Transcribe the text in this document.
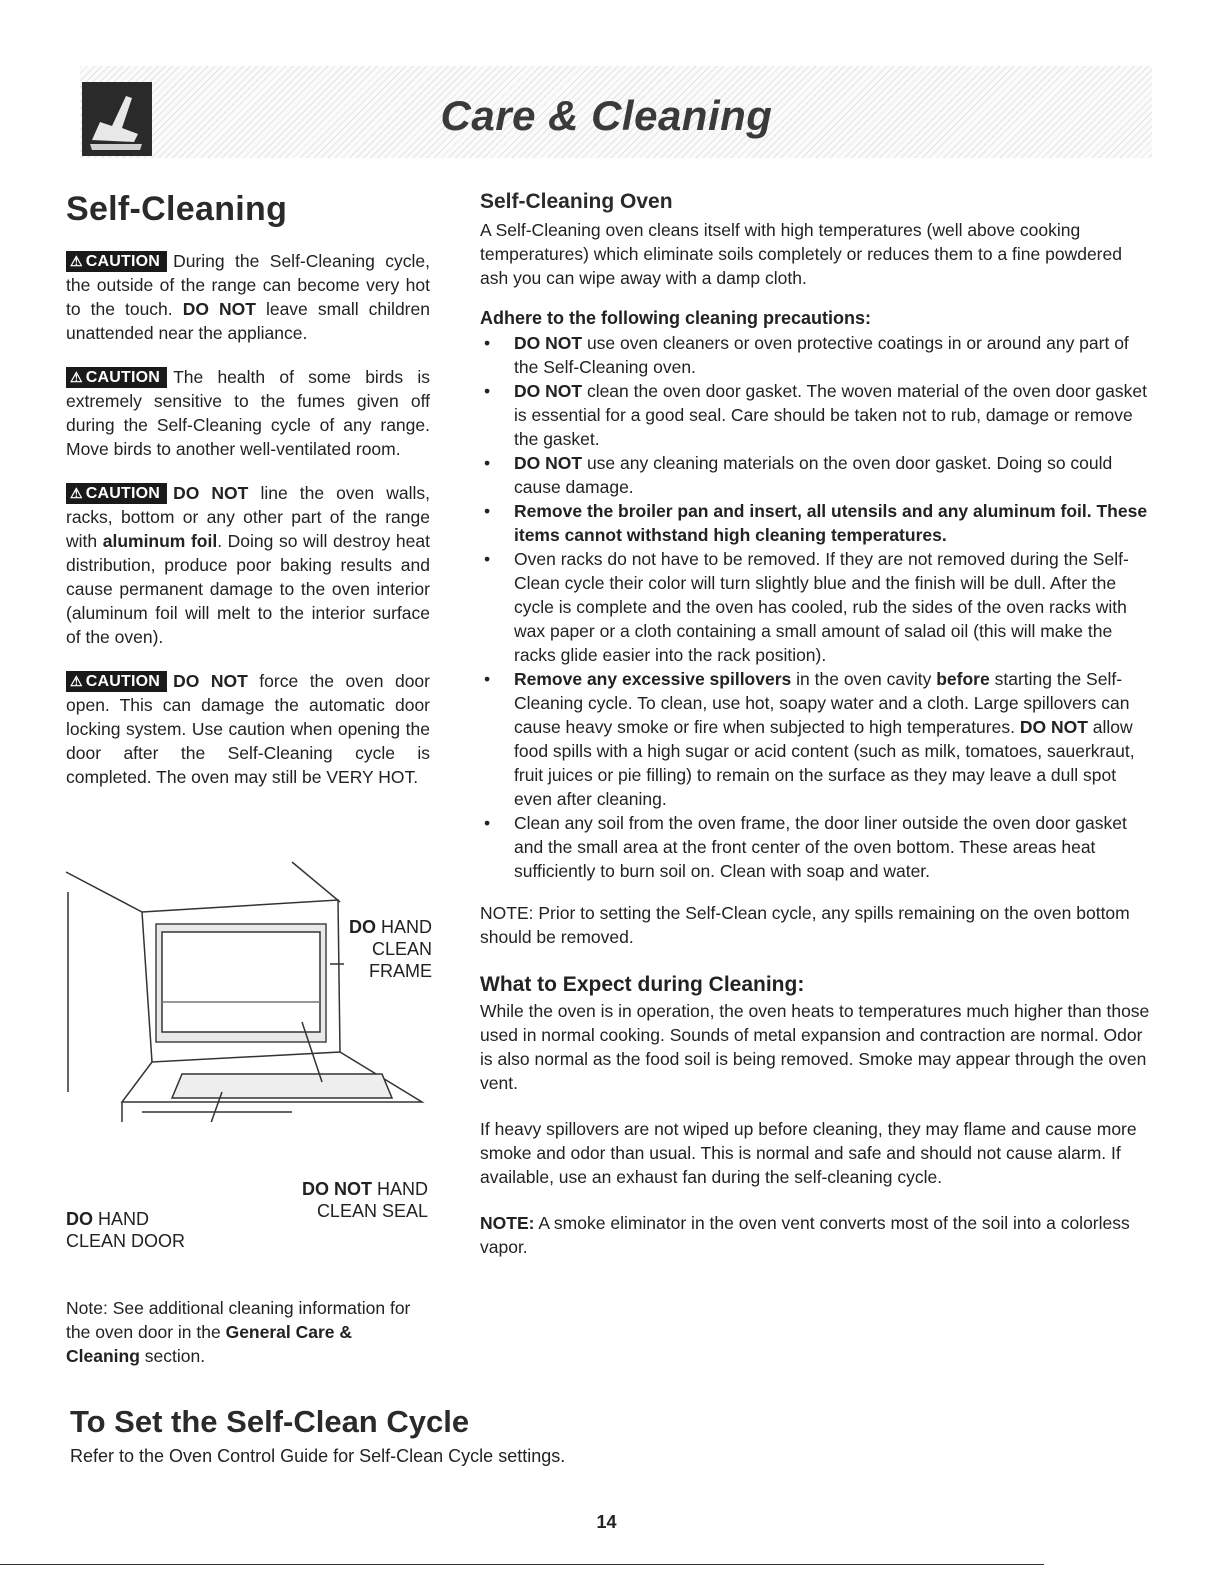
Care & Cleaning
Self-Cleaning

⚠ CAUTION During the Self-Cleaning cycle, the outside of the range can become very hot to the touch. DO NOT leave small children unattended near the appliance.

⚠ CAUTION The health of some birds is extremely sensitive to the fumes given off during the Self-Cleaning cycle of any range. Move birds to another well-ventilated room.

⚠ CAUTION DO NOT line the oven walls, racks, bottom or any other part of the range with aluminum foil. Doing so will destroy heat distribution, produce poor baking results and cause permanent damage to the oven interior (aluminum foil will melt to the interior surface of the oven).

⚠ CAUTION DO NOT force the oven door open. This can damage the automatic door locking system. Use caution when opening the door after the Self-Cleaning cycle is completed. The oven may still be VERY HOT.

DO HAND
CLEAN
FRAME
DO NOT HAND
CLEAN SEAL
DO HAND
CLEAN DOOR

Note: See additional cleaning information for the oven door in the General Care & Cleaning section.

Self-Cleaning Oven

A Self-Cleaning oven cleans itself with high temperatures (well above cooking temperatures) which eliminate soils completely or reduces them to a fine powdered ash you can wipe away with a damp cloth.

Adhere to the following cleaning precautions:
• DO NOT use oven cleaners or oven protective coatings in or around any part of the Self-Cleaning oven.
• DO NOT clean the oven door gasket. The woven material of the oven door gasket is essential for a good seal. Care should be taken not to rub, damage or remove the gasket.
• DO NOT use any cleaning materials on the oven door gasket. Doing so could cause damage.
• Remove the broiler pan and insert, all utensils and any aluminum foil. These items cannot withstand high cleaning temperatures.
• Oven racks do not have to be removed. If they are not removed during the Self-Clean cycle their color will turn slightly blue and the finish will be dull. After the cycle is complete and the oven has cooled, rub the sides of the oven racks with wax paper or a cloth containing a small amount of salad oil (this will make the racks glide easier into the rack position).
• Remove any excessive spillovers in the oven cavity before starting the Self-Cleaning cycle. To clean, use hot, soapy water and a cloth. Large spillovers can cause heavy smoke or fire when subjected to high temperatures. DO NOT allow food spills with a high sugar or acid content (such as milk, tomatoes, sauerkraut, fruit juices or pie filling) to remain on the surface as they may leave a dull spot even after cleaning.
• Clean any soil from the oven frame, the door liner outside the oven door gasket and the small area at the front center of the oven bottom. These areas heat sufficiently to burn soil on. Clean with soap and water.

NOTE: Prior to setting the Self-Clean cycle, any spills remaining on the oven bottom should be removed.

What to Expect during Cleaning:

While the oven is in operation, the oven heats to temperatures much higher than those used in normal cooking. Sounds of metal expansion and contraction are normal. Odor is also normal as the food soil is being removed. Smoke may appear through the oven vent.

If heavy spillovers are not wiped up before cleaning, they may flame and cause more smoke and odor than usual. This is normal and safe and should not cause alarm. If available, use an exhaust fan during the self-cleaning cycle.

NOTE: A smoke eliminator in the oven vent converts most of the soil into a colorless vapor.

To Set the Self-Clean Cycle
Refer to the Oven Control Guide for Self-Clean Cycle settings.
14
